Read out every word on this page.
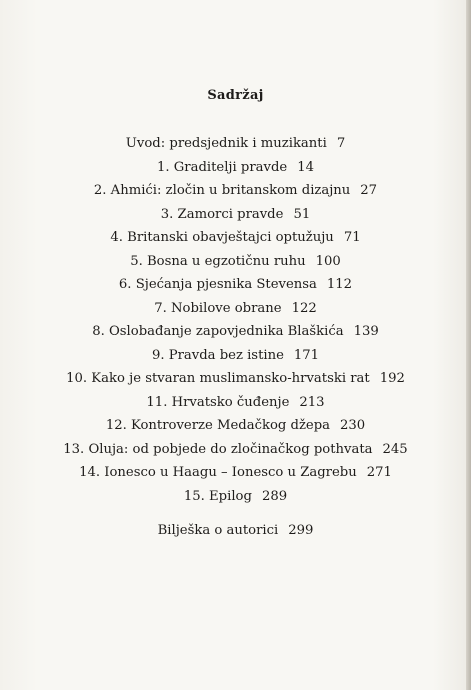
Sadržaj
Uvod: predsjednik i muzikanti 7
1. Graditelji pravde 14
2. Ahmići: zločin u britanskom dizajnu 27
3. Zamorci pravde 51
4. Britanski obavještajci optužuju 71
5. Bosna u egzotičnu ruhu 100
6. Sjećanja pjesnika Stevensa 112
7. Nobilove obrane 122
8. Oslobađanje zapovjednika Blaškića 139
9. Pravda bez istine 171
10. Kako je stvaran muslimansko-hrvatski rat 192
11. Hrvatsko čuđenje 213
12. Kontroverze Medačkog džepa 230
13. Oluja: od pobjede do zločinačkog pothvata 245
14. Ionesco u Haagu – Ionesco u Zagrebu 271
15. Epilog 289
Bilješka o autorici 299
